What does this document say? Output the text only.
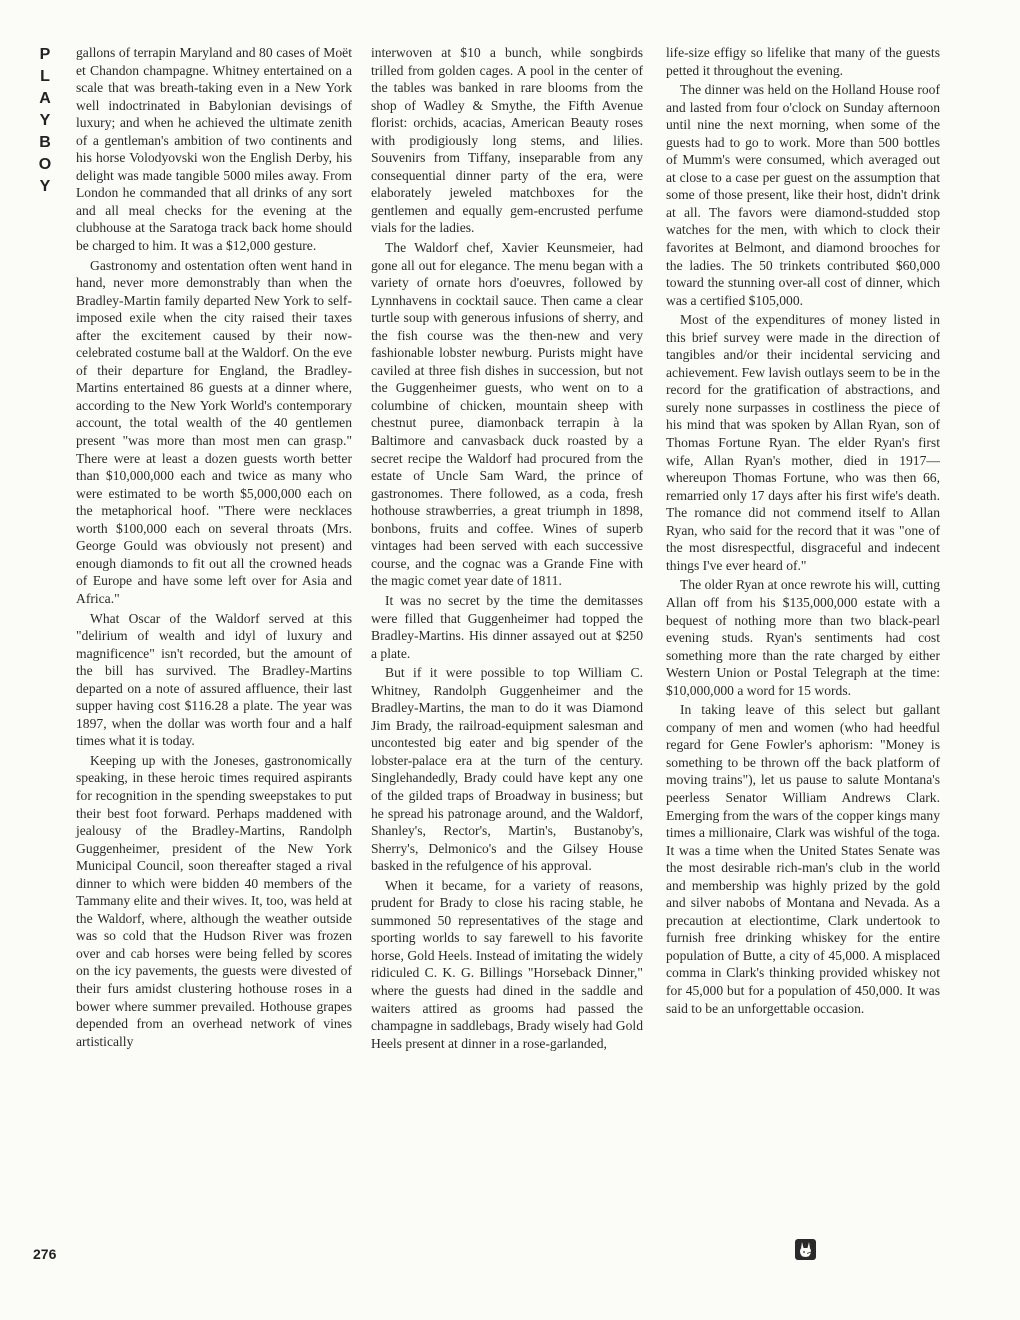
P
L
A
Y
B
O
Y

gallons of terrapin Maryland and 80 cases of Moët et Chandon champagne. Whitney entertained on a scale that was breath-taking even in a New York well indoctrinated in Babylonian devisings of luxury; and when he achieved the ultimate zenith of a gentleman's ambition of two continents and his horse Volodyovski won the English Derby, his delight was made tangible 5000 miles away. From London he commanded that all drinks of any sort and all meal checks for the evening at the clubhouse at the Saratoga track back home should be charged to him. It was a $12,000 gesture.

Gastronomy and ostentation often went hand in hand, never more demonstrably than when the Bradley-Martin family departed New York to self-imposed exile when the city raised their taxes after the excitement caused by their now-celebrated costume ball at the Waldorf. On the eve of their departure for England, the Bradley-Martins entertained 86 guests at a dinner where, according to the New York World's contemporary account, the total wealth of the 40 gentlemen present "was more than most men can grasp." There were at least a dozen guests worth better than $10,000,000 each and twice as many who were estimated to be worth $5,000,000 each on the metaphorical hoof. "There were necklaces worth $100,000 each on several throats (Mrs. George Gould was obviously not present) and enough diamonds to fit out all the crowned heads of Europe and have some left over for Asia and Africa."

What Oscar of the Waldorf served at this "delirium of wealth and idyl of luxury and magnificence" isn't recorded, but the amount of the bill has survived. The Bradley-Martins departed on a note of assured affluence, their last supper having cost $116.28 a plate. The year was 1897, when the dollar was worth four and a half times what it is today.

Keeping up with the Joneses, gastronomically speaking, in these heroic times required aspirants for recognition in the spending sweepstakes to put their best foot forward. Perhaps maddened with jealousy of the Bradley-Martins, Randolph Guggenheimer, president of the New York Municipal Council, soon thereafter staged a rival dinner to which were bidden 40 members of the Tammany elite and their wives. It, too, was held at the Waldorf, where, although the weather outside was so cold that the Hudson River was frozen over and cab horses were being felled by scores on the icy pavements, the guests were divested of their furs amidst clustering hothouse roses in a bower where summer prevailed. Hothouse grapes depended from an overhead network of vines artistically

interwoven at $10 a bunch, while songbirds trilled from golden cages. A pool in the center of the tables was banked in rare blooms from the shop of Wadley & Smythe, the Fifth Avenue florist: orchids, acacias, American Beauty roses with prodigiously long stems, and lilies. Souvenirs from Tiffany, inseparable from any consequential dinner party of the era, were elaborately jeweled matchboxes for the gentlemen and equally gem-encrusted perfume vials for the ladies.

The Waldorf chef, Xavier Keunsmeier, had gone all out for elegance. The menu began with a variety of ornate hors d'oeuvres, followed by Lynnhavens in cocktail sauce. Then came a clear turtle soup with generous infusions of sherry, and the fish course was the then-new and very fashionable lobster newburg. Purists might have caviled at three fish dishes in succession, but not the Guggenheimer guests, who went on to a columbine of chicken, mountain sheep with chestnut puree, diamonback terrapin à la Baltimore and canvasback duck roasted by a secret recipe the Waldorf had procured from the estate of Uncle Sam Ward, the prince of gastronomes. There followed, as a coda, fresh hothouse strawberries, a great triumph in 1898, bonbons, fruits and coffee. Wines of superb vintages had been served with each successive course, and the cognac was a Grande Fine with the magic comet year date of 1811.

It was no secret by the time the demitasses were filled that Guggenheimer had topped the Bradley-Martins. His dinner assayed out at $250 a plate.

But if it were possible to top William C. Whitney, Randolph Guggenheimer and the Bradley-Martins, the man to do it was Diamond Jim Brady, the railroad-equipment salesman and uncontested big eater and big spender of the lobster-palace era at the turn of the century. Singlehandedly, Brady could have kept any one of the gilded traps of Broadway in business; but he spread his patronage around, and the Waldorf, Shanley's, Rector's, Martin's, Bustanoby's, Sherry's, Delmonico's and the Gilsey House basked in the refulgence of his approval.

When it became, for a variety of reasons, prudent for Brady to close his racing stable, he summoned 50 representatives of the stage and sporting worlds to say farewell to his favorite horse, Gold Heels. Instead of imitating the widely ridiculed C. K. G. Billings "Horseback Dinner," where the guests had dined in the saddle and waiters attired as grooms had passed the champagne in saddlebags, Brady wisely had Gold Heels present at dinner in a rose-garlanded,

life-size effigy so lifelike that many of the guests petted it throughout the evening.

The dinner was held on the Holland House roof and lasted from four o'clock on Sunday afternoon until nine the next morning, when some of the guests had to go to work. More than 500 bottles of Mumm's were consumed, which averaged out at close to a case per guest on the assumption that some of those present, like their host, didn't drink at all. The favors were diamond-studded stop watches for the men, with which to clock their favorites at Belmont, and diamond brooches for the ladies. The 50 trinkets contributed $60,000 toward the stunning over-all cost of dinner, which was a certified $105,000.

Most of the expenditures of money listed in this brief survey were made in the direction of tangibles and/or their incidental servicing and achievement. Few lavish outlays seem to be in the record for the gratification of abstractions, and surely none surpasses in costliness the piece of his mind that was spoken by Allan Ryan, son of Thomas Fortune Ryan. The elder Ryan's first wife, Allan Ryan's mother, died in 1917—whereupon Thomas Fortune, who was then 66, remarried only 17 days after his first wife's death. The romance did not commend itself to Allan Ryan, who said for the record that it was "one of the most disrespectful, disgraceful and indecent things I've ever heard of."

The older Ryan at once rewrote his will, cutting Allan off from his $135,000,000 estate with a bequest of nothing more than two black-pearl evening studs. Ryan's sentiments had cost something more than the rate charged by either Western Union or Postal Telegraph at the time: $10,000,000 a word for 15 words.

In taking leave of this select but gallant company of men and women (who had heedful regard for Gene Fowler's aphorism: "Money is something to be thrown off the back platform of moving trains"), let us pause to salute Montana's peerless Senator William Andrews Clark. Emerging from the wars of the copper kings many times a millionaire, Clark was wishful of the toga. It was a time when the United States Senate was the most desirable rich-man's club in the world and membership was highly prized by the gold and silver nabobs of Montana and Nevada. As a precaution at electiontime, Clark undertook to furnish free drinking whiskey for the entire population of Butte, a city of 45,000. A misplaced comma in Clark's thinking provided whiskey not for 45,000 but for a population of 450,000. It was said to be an unforgettable occasion.

276
